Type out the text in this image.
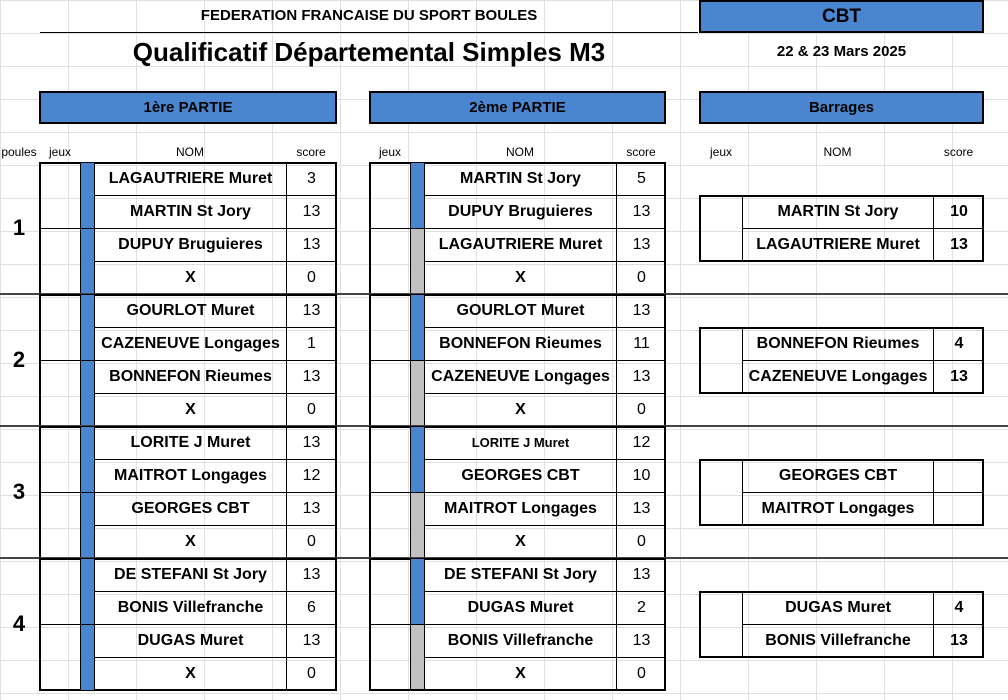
FEDERATION FRANCAISE DU SPORT BOULES
Qualificatif Départemental Simples M3
CBT
22 & 23 Mars 2025
1ère PARTIE	2ème PARTIE	Barrages
poules	jeux	NOM	score	jeux	NOM	score	jeux	NOM	score
1
LAGAUTRIERE Muret	3
MARTIN St Jory	13
DUPUY Bruguieres	13
X	0
MARTIN St Jory	5
DUPUY Bruguieres	13
LAGAUTRIERE Muret	13
X	0
MARTIN St Jory	10
LAGAUTRIERE Muret	13
2
GOURLOT Muret	13
CAZENEUVE Longages	1
BONNEFON Rieumes	13
X	0
GOURLOT Muret	13
BONNEFON Rieumes	11
CAZENEUVE Longages	13
X	0
BONNEFON Rieumes	4
CAZENEUVE Longages	13
3
LORITE J Muret	13
MAITROT Longages	12
GEORGES CBT	13
X	0
LORITE J Muret	12
GEORGES CBT	10
MAITROT Longages	13
X	0
GEORGES CBT
MAITROT Longages
4
DE STEFANI St Jory	13
BONIS Villefranche	6
DUGAS Muret	13
X	0
DE STEFANI St Jory	13
DUGAS Muret	2
BONIS Villefranche	13
X	0
DUGAS Muret	4
BONIS Villefranche	13
